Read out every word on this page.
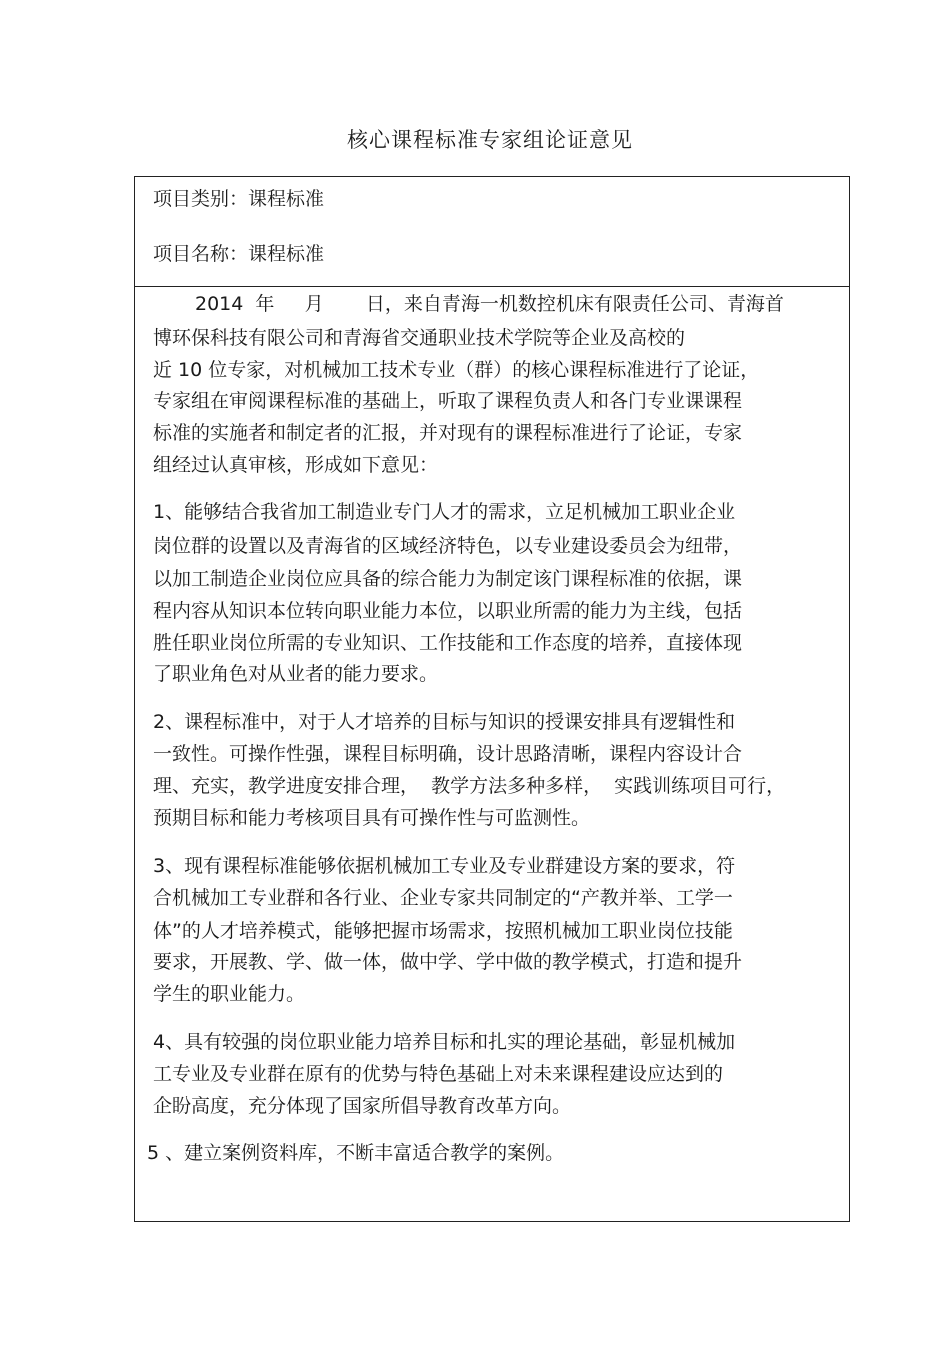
核心课程标准专家组论证意见
项目类别：课程标准
项目名称：课程标准
2014  年     月       日，来自青海一机数控机床有限责任公司、青海首
博环保科技有限公司和青海省交通职业技术学院等企业及高校的
近 10 位专家，对机械加工技术专业（群）的核心课程标准进行了论证，
专家组在审阅课程标准的基础上，听取了课程负责人和各门专业课课程
标准的实施者和制定者的汇报，并对现有的课程标准进行了论证，专家
组经过认真审核，形成如下意见：
1、能够结合我省加工制造业专门人才的需求，立足机械加工职业企业
岗位群的设置以及青海省的区域经济特色，以专业建设委员会为纽带，
以加工制造企业岗位应具备的综合能力为制定该门课程标准的依据，课
程内容从知识本位转向职业能力本位，以职业所需的能力为主线，包括
胜任职业岗位所需的专业知识、工作技能和工作态度的培养，直接体现
了职业角色对从业者的能力要求。
2、课程标准中，对于人才培养的目标与知识的授课安排具有逻辑性和
一致性。可操作性强，课程目标明确，设计思路清晰，课程内容设计合
理、充实，教学进度安排合理，  教学方法多种多样，  实践训练项目可行，
预期目标和能力考核项目具有可操作性与可监测性。
3、现有课程标准能够依据机械加工专业及专业群建设方案的要求，符
合机械加工专业群和各行业、企业专家共同制定的“产教并举、工学一
体”的人才培养模式，能够把握市场需求，按照机械加工职业岗位技能
要求，开展教、学、做一体，做中学、学中做的教学模式，打造和提升
学生的职业能力。
4、具有较强的岗位职业能力培养目标和扎实的理论基础，彰显机械加
工专业及专业群在原有的优势与特色基础上对未来课程建设应达到的
企盼高度，充分体现了国家所倡导教育改革方向。
5 、建立案例资料库，不断丰富适合教学的案例。
